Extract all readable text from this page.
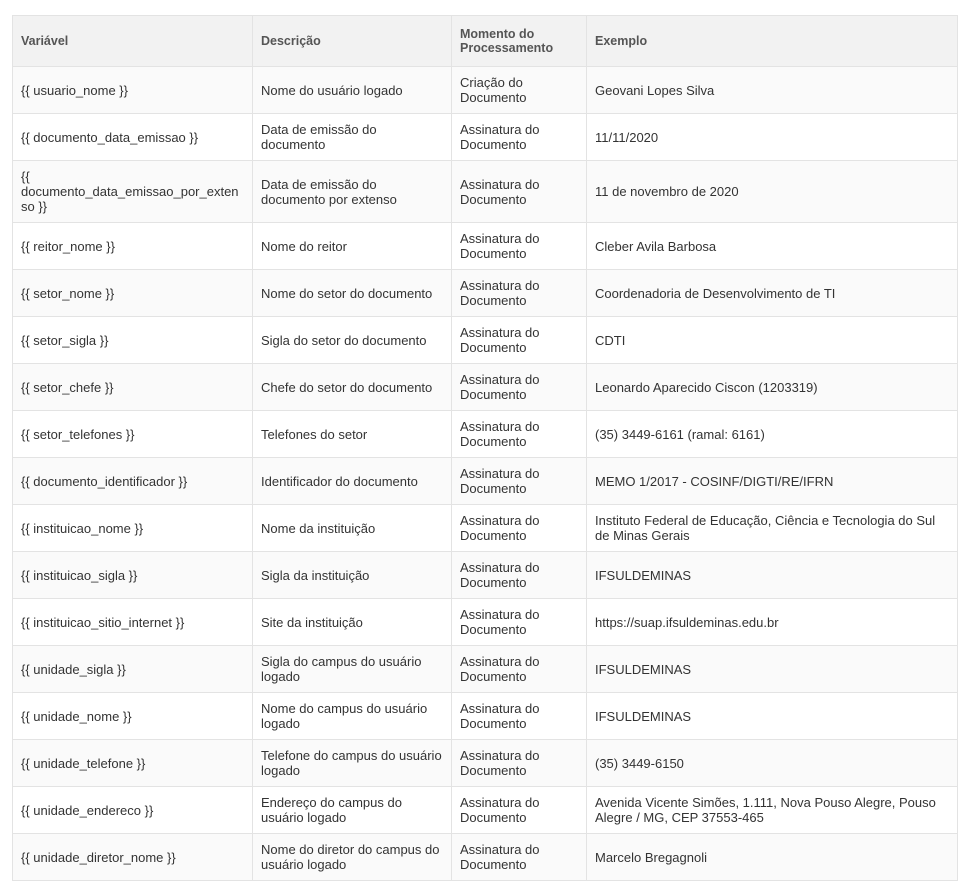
Variável	Descrição	Momento do Processamento	Exemplo
{{ usuario_nome }}	Nome do usuário logado	Criação do Documento	Geovani Lopes Silva
{{ documento_data_emissao }}	Data de emissão do documento	Assinatura do Documento	11/11/2020
{{ documento_data_emissao_por_extenso }}	Data de emissão do documento por extenso	Assinatura do Documento	11 de novembro de 2020
{{ reitor_nome }}	Nome do reitor	Assinatura do Documento	Cleber Avila Barbosa
{{ setor_nome }}	Nome do setor do documento	Assinatura do Documento	Coordenadoria de Desenvolvimento de TI
{{ setor_sigla }}	Sigla do setor do documento	Assinatura do Documento	CDTI
{{ setor_chefe }}	Chefe do setor do documento	Assinatura do Documento	Leonardo Aparecido Ciscon (1203319)
{{ setor_telefones }}	Telefones do setor	Assinatura do Documento	(35) 3449-6161 (ramal: 6161)
{{ documento_identificador }}	Identificador do documento	Assinatura do Documento	MEMO 1/2017 - COSINF/DIGTI/RE/IFRN
{{ instituicao_nome }}	Nome da instituição	Assinatura do Documento	Instituto Federal de Educação, Ciência e Tecnologia do Sul de Minas Gerais
{{ instituicao_sigla }}	Sigla da instituição	Assinatura do Documento	IFSULDEMINAS
{{ instituicao_sitio_internet }}	Site da instituição	Assinatura do Documento	https://suap.ifsuldeminas.edu.br
{{ unidade_sigla }}	Sigla do campus do usuário logado	Assinatura do Documento	IFSULDEMINAS
{{ unidade_nome }}	Nome do campus do usuário logado	Assinatura do Documento	IFSULDEMINAS
{{ unidade_telefone }}	Telefone do campus do usuário logado	Assinatura do Documento	(35) 3449-6150
{{ unidade_endereco }}	Endereço do campus do usuário logado	Assinatura do Documento	Avenida Vicente Simões, 1.111, Nova Pouso Alegre, Pouso Alegre / MG, CEP 37553-465
{{ unidade_diretor_nome }}	Nome do diretor do campus do usuário logado	Assinatura do Documento	Marcelo Bregagnoli
